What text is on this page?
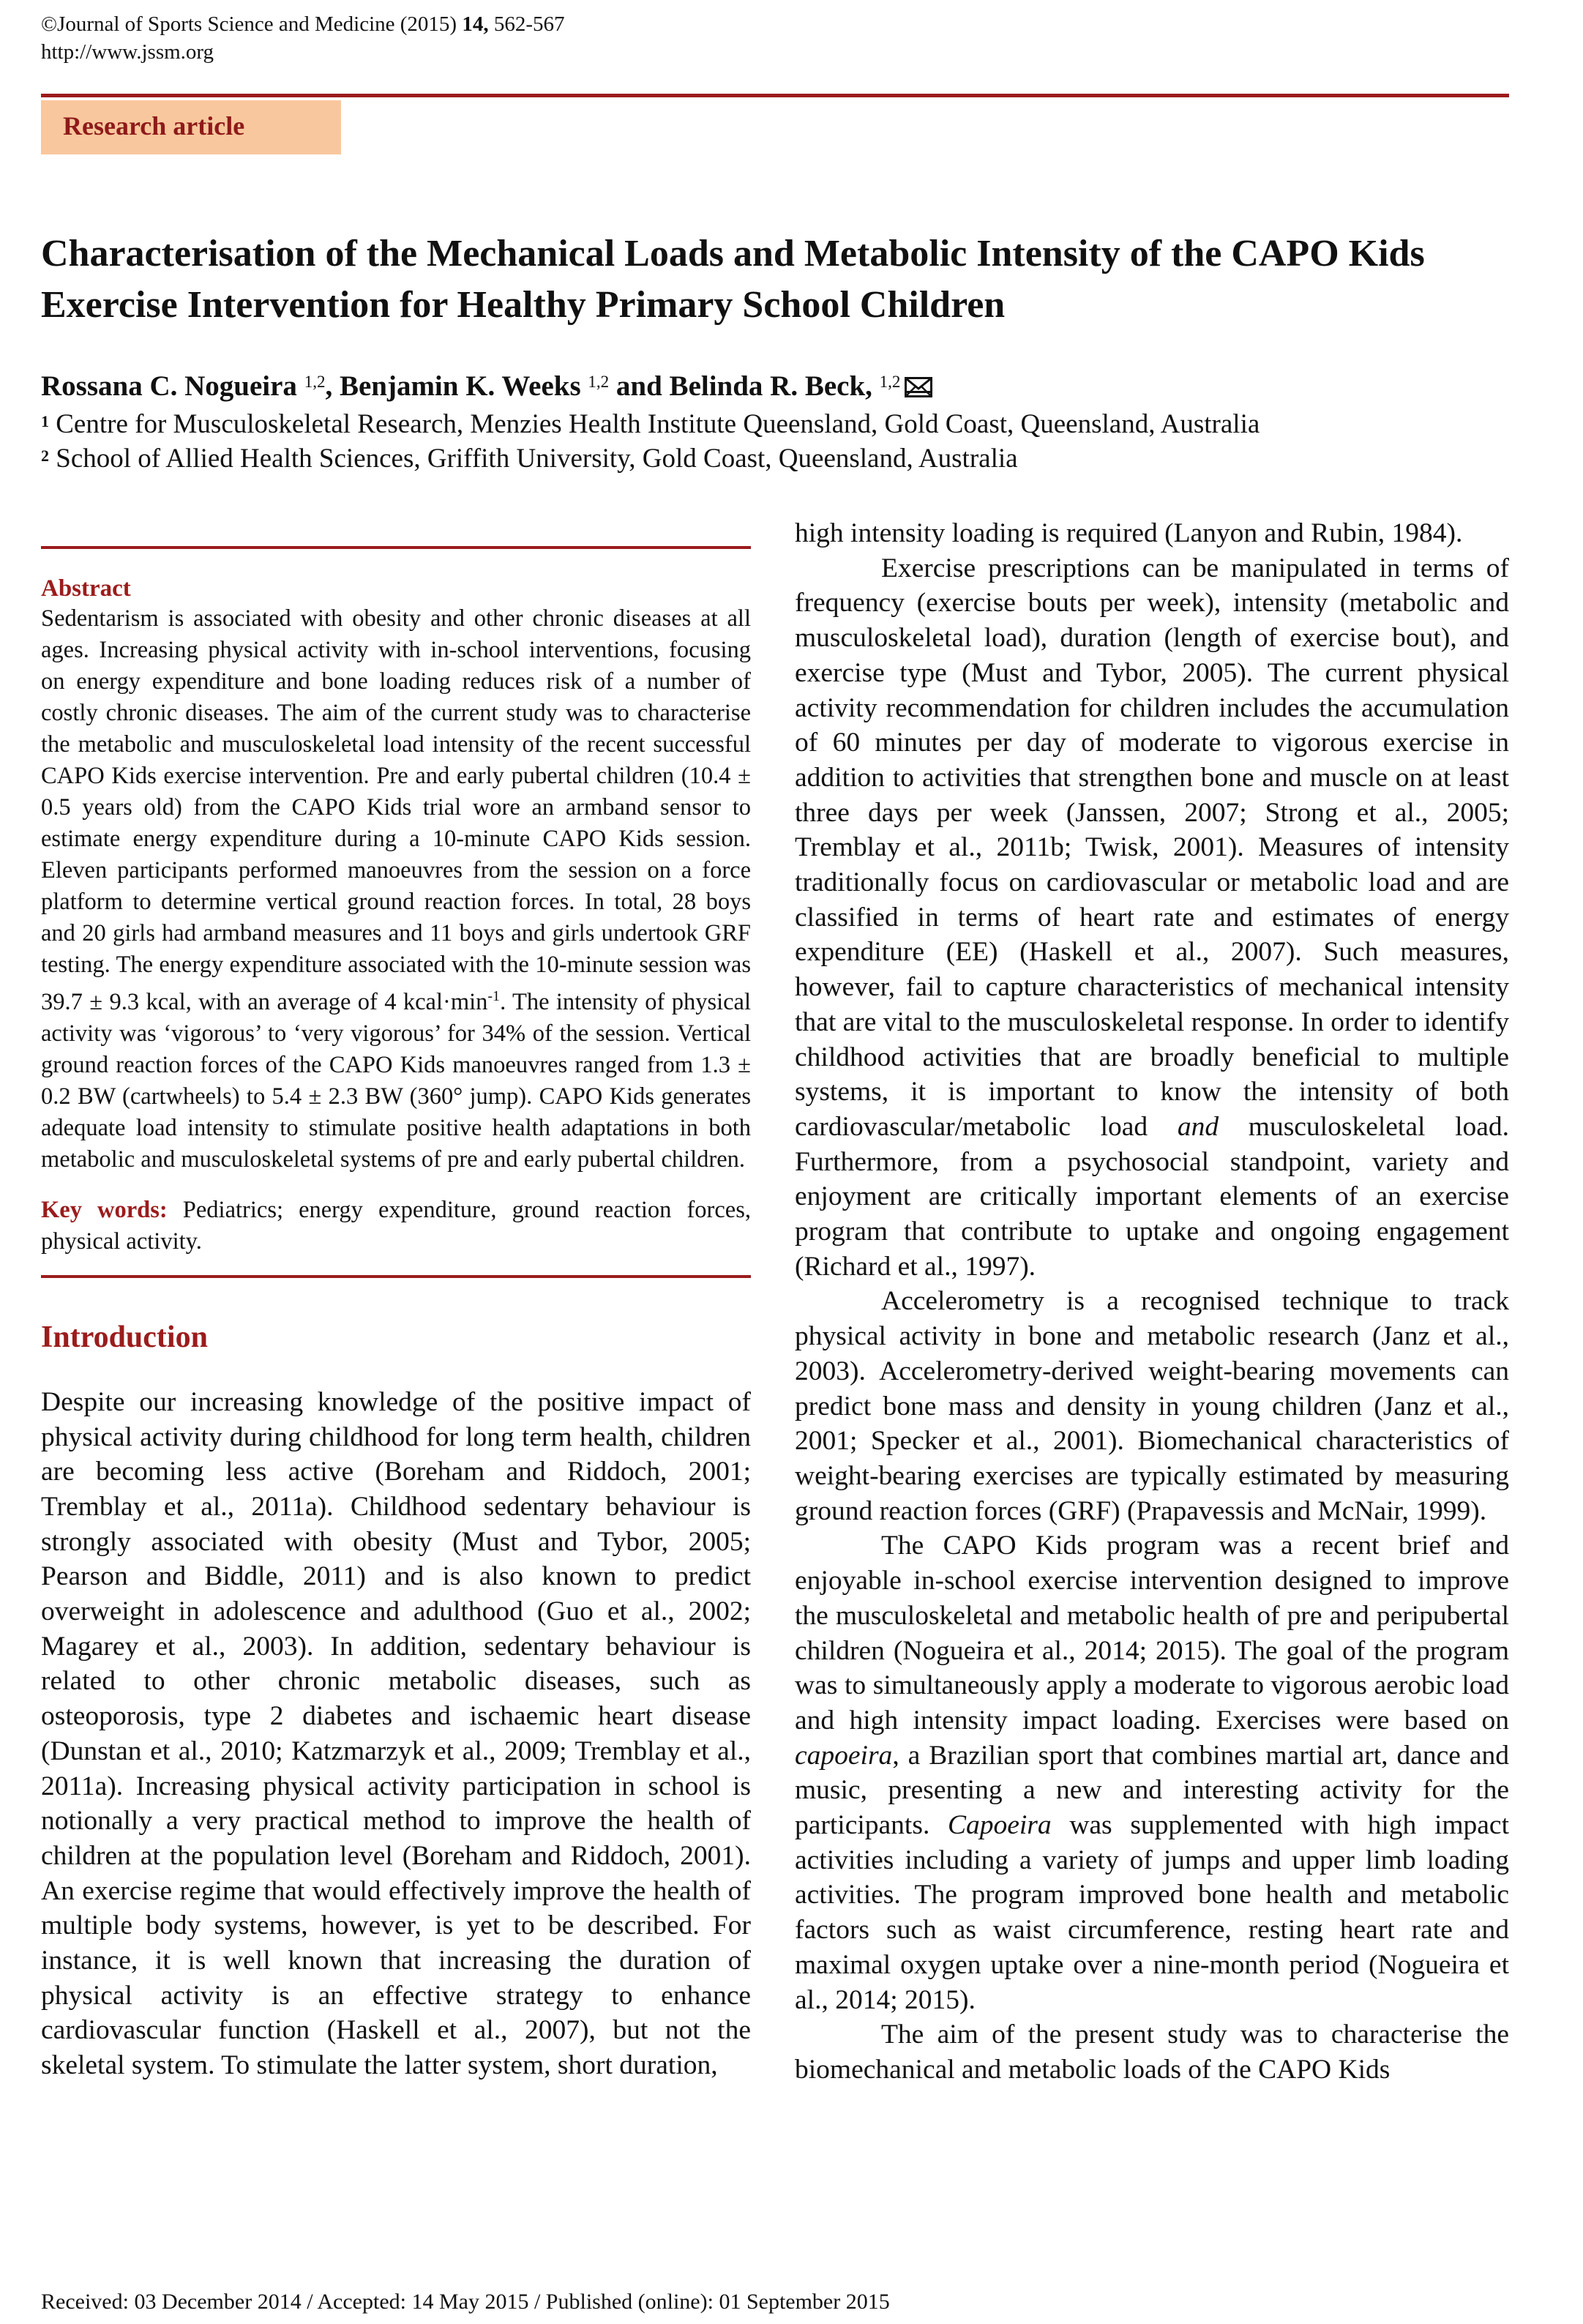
©Journal of Sports Science and Medicine (2015) 14, 562-567
http://www.jssm.org
Research article
Characterisation of the Mechanical Loads and Metabolic Intensity of the CAPO Kids Exercise Intervention for Healthy Primary School Children
Rossana C. Nogueira $^{1,2}$, Benjamin K. Weeks $^{1,2}$ and Belinda R. Beck, $^{1,2}$
$^1$ Centre for Musculoskeletal Research, Menzies Health Institute Queensland, Gold Coast, Queensland, Australia
$^2$ School of Allied Health Sciences, Griffith University, Gold Coast, Queensland, Australia
Abstract

Sedentarism is associated with obesity and other chronic diseases at all ages. Increasing physical activity with in-school interventions, focusing on energy expenditure and bone loading reduces risk of a number of costly chronic diseases. The aim of the current study was to characterise the metabolic and musculoskeletal load intensity of the recent successful CAPO Kids exercise intervention. Pre and early pubertal children (10.4 ± 0.5 years old) from the CAPO Kids trial wore an armband sensor to estimate energy expenditure during a 10-minute CAPO Kids session. Eleven participants performed manoeuvres from the session on a force platform to determine vertical ground reaction forces. In total, 28 boys and 20 girls had armband measures and 11 boys and girls undertook GRF testing. The energy expenditure associated with the 10-minute session was 39.7 ± 9.3 kcal, with an average of 4 $kcal\cdot\min^{-1}$. The intensity of physical activity was ‘vigorous’ to ‘very vigorous’ for 34% of the session. Vertical ground reaction forces of the CAPO Kids manoeuvres ranged from 1.3 ± 0.2 BW (cartwheels) to 5.4 ± 2.3 BW (360° jump). CAPO Kids generates adequate load intensity to stimulate positive health adaptations in both metabolic and musculoskeletal systems of pre and early pubertal children.

Key words: Pediatrics; energy expenditure, ground reaction forces, physical activity.

Introduction

Despite our increasing knowledge of the positive impact of physical activity during childhood for long term health, children are becoming less active (Boreham and Riddoch, 2001; Tremblay et al., 2011a). Childhood sedentary behaviour is strongly associated with obesity (Must and Tybor, 2005; Pearson and Biddle, 2011) and is also known to predict overweight in adolescence and adulthood (Guo et al., 2002; Magarey et al., 2003). In addition, sedentary behaviour is related to other chronic metabolic diseases, such as osteoporosis, type 2 diabetes and ischaemic heart disease (Dunstan et al., 2010; Katzmarzyk et al., 2009; Tremblay et al., 2011a). Increasing physical activity participation in school is notionally a very practical method to improve the health of children at the population level (Boreham and Riddoch, 2001). An exercise regime that would effectively improve the health of multiple body systems, however, is yet to be described. For instance, it is well known that increasing the duration of physical activity is an effective strategy to enhance cardiovascular function (Haskell et al., 2007), but not the skeletal system. To stimulate the latter system, short duration,

high intensity loading is required (Lanyon and Rubin, 1984).

Exercise prescriptions can be manipulated in terms of frequency (exercise bouts per week), intensity (metabolic and musculoskeletal load), duration (length of exercise bout), and exercise type (Must and Tybor, 2005). The current physical activity recommendation for children includes the accumulation of 60 minutes per day of moderate to vigorous exercise in addition to activities that strengthen bone and muscle on at least three days per week (Janssen, 2007; Strong et al., 2005; Tremblay et al., 2011b; Twisk, 2001). Measures of intensity traditionally focus on cardiovascular or metabolic load and are classified in terms of heart rate and estimates of energy expenditure (EE) (Haskell et al., 2007). Such measures, however, fail to capture characteristics of mechanical intensity that are vital to the musculoskeletal response. In order to identify childhood activities that are broadly beneficial to multiple systems, it is important to know the intensity of both cardiovascular/metabolic load and musculoskeletal load. Furthermore, from a psychosocial standpoint, variety and enjoyment are critically important elements of an exercise program that contribute to uptake and ongoing engagement (Richard et al., 1997).

Accelerometry is a recognised technique to track physical activity in bone and metabolic research (Janz et al., 2003). Accelerometry-derived weight-bearing movements can predict bone mass and density in young children (Janz et al., 2001; Specker et al., 2001). Biomechanical characteristics of weight-bearing exercises are typically estimated by measuring ground reaction forces (GRF) (Prapavessis and McNair, 1999).

The CAPO Kids program was a recent brief and enjoyable in-school exercise intervention designed to improve the musculoskeletal and metabolic health of pre and peripubertal children (Nogueira et al., 2014; 2015). The goal of the program was to simultaneously apply a moderate to vigorous aerobic load and high intensity impact loading. Exercises were based on capoeira, a Brazilian sport that combines martial art, dance and music, presenting a new and interesting activity for the participants. Capoeira was supplemented with high impact activities including a variety of jumps and upper limb loading activities. The program improved bone health and metabolic factors such as waist circumference, resting heart rate and maximal oxygen uptake over a nine-month period (Nogueira et al., 2014; 2015).

The aim of the present study was to characterise the biomechanical and metabolic loads of the CAPO Kids

Received: 03 December 2014 / Accepted: 14 May 2015 / Published (online): 01 September 2015
